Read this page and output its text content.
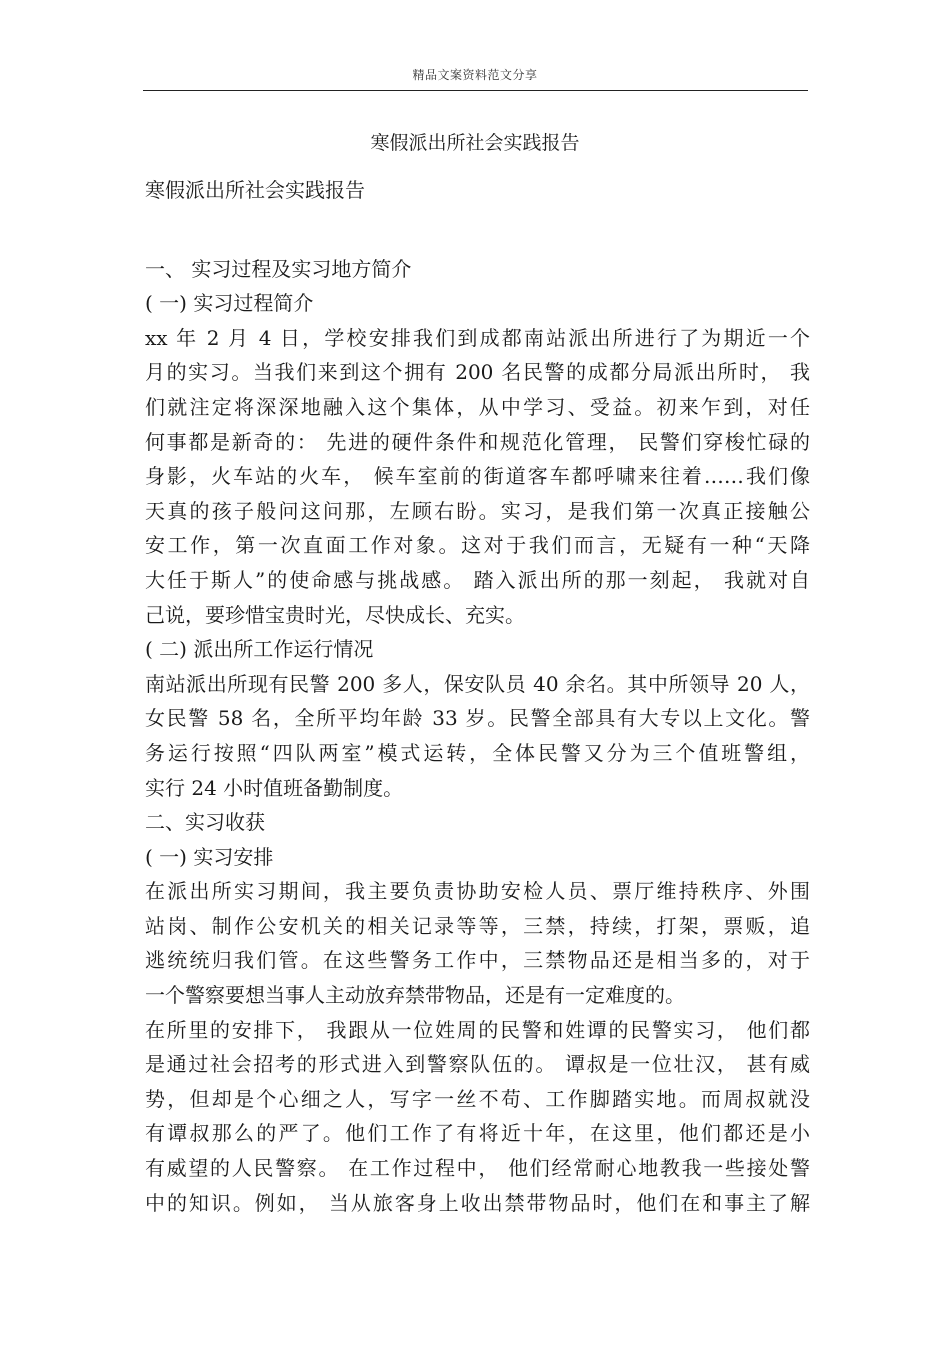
精品文案资料范文分享
寒假派出所社会实践报告
寒假派出所社会实践报告
一、 实习过程及实习地方简介
( 一) 实习过程简介
xx 年 2 月 4 日，学校安排我们到成都南站派出所进行了为期近一个
月的实习。当我们来到这个拥有 200 名民警的成都分局派出所时， 我
们就注定将深深地融入这个集体，从中学习、受益。初来乍到，对任
何事都是新奇的： 先进的硬件条件和规范化管理， 民警们穿梭忙碌的
身影，火车站的火车， 候车室前的街道客车都呼啸来往着……我们像
天真的孩子般问这问那，左顾右盼。实习，是我们第一次真正接触公
安工作，第一次直面工作对象。这对于我们而言，无疑有一种“天降
大任于斯人”的使命感与挑战感。 踏入派出所的那一刻起， 我就对自
己说，要珍惜宝贵时光，尽快成长、充实。
( 二) 派出所工作运行情况
南站派出所现有民警 200 多人，保安队员 40 余名。其中所领导 20 人，
女民警 58 名，全所平均年龄 33 岁。民警全部具有大专以上文化。警
务运行按照“四队两室”模式运转，全体民警又分为三个值班警组，
实行 24 小时值班备勤制度。
二、实习收获
( 一) 实习安排
在派出所实习期间，我主要负责协助安检人员、票厅维持秩序、外围
站岗、制作公安机关的相关记录等等，三禁，持续，打架，票贩，追
逃统统归我们管。在这些警务工作中，三禁物品还是相当多的，对于
一个警察要想当事人主动放弃禁带物品，还是有一定难度的。
在所里的安排下， 我跟从一位姓周的民警和姓谭的民警实习， 他们都
是通过社会招考的形式进入到警察队伍的。 谭叔是一位壮汉， 甚有威
势，但却是个心细之人，写字一丝不苟、工作脚踏实地。而周叔就没
有谭叔那么的严了。他们工作了有将近十年，在这里，他们都还是小
有威望的人民警察。 在工作过程中， 他们经常耐心地教我一些接处警
中的知识。例如， 当从旅客身上收出禁带物品时，他们在和事主了解
